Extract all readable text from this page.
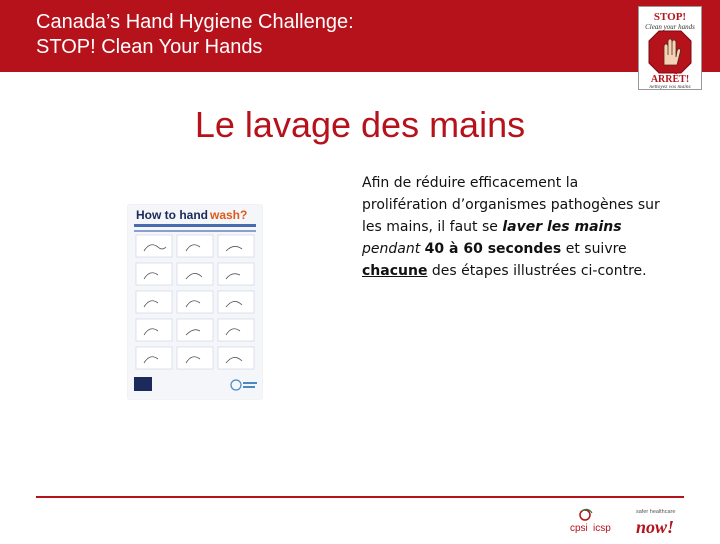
Canada’s Hand Hygiene Challenge:
STOP! Clean Your Hands
STOP!
Clean your hands
ARRÊT!
nettoyez vos mains
Le lavage des mains
How to hand wash?
Afin de réduire efficacement la prolifération d’organismes pathogènes sur les mains, il faut se laver les mains pendant 40 à 60 secondes et suivre chacune des étapes illustrées ci-contre.
cpsi icsp
safer healthcare
now!
